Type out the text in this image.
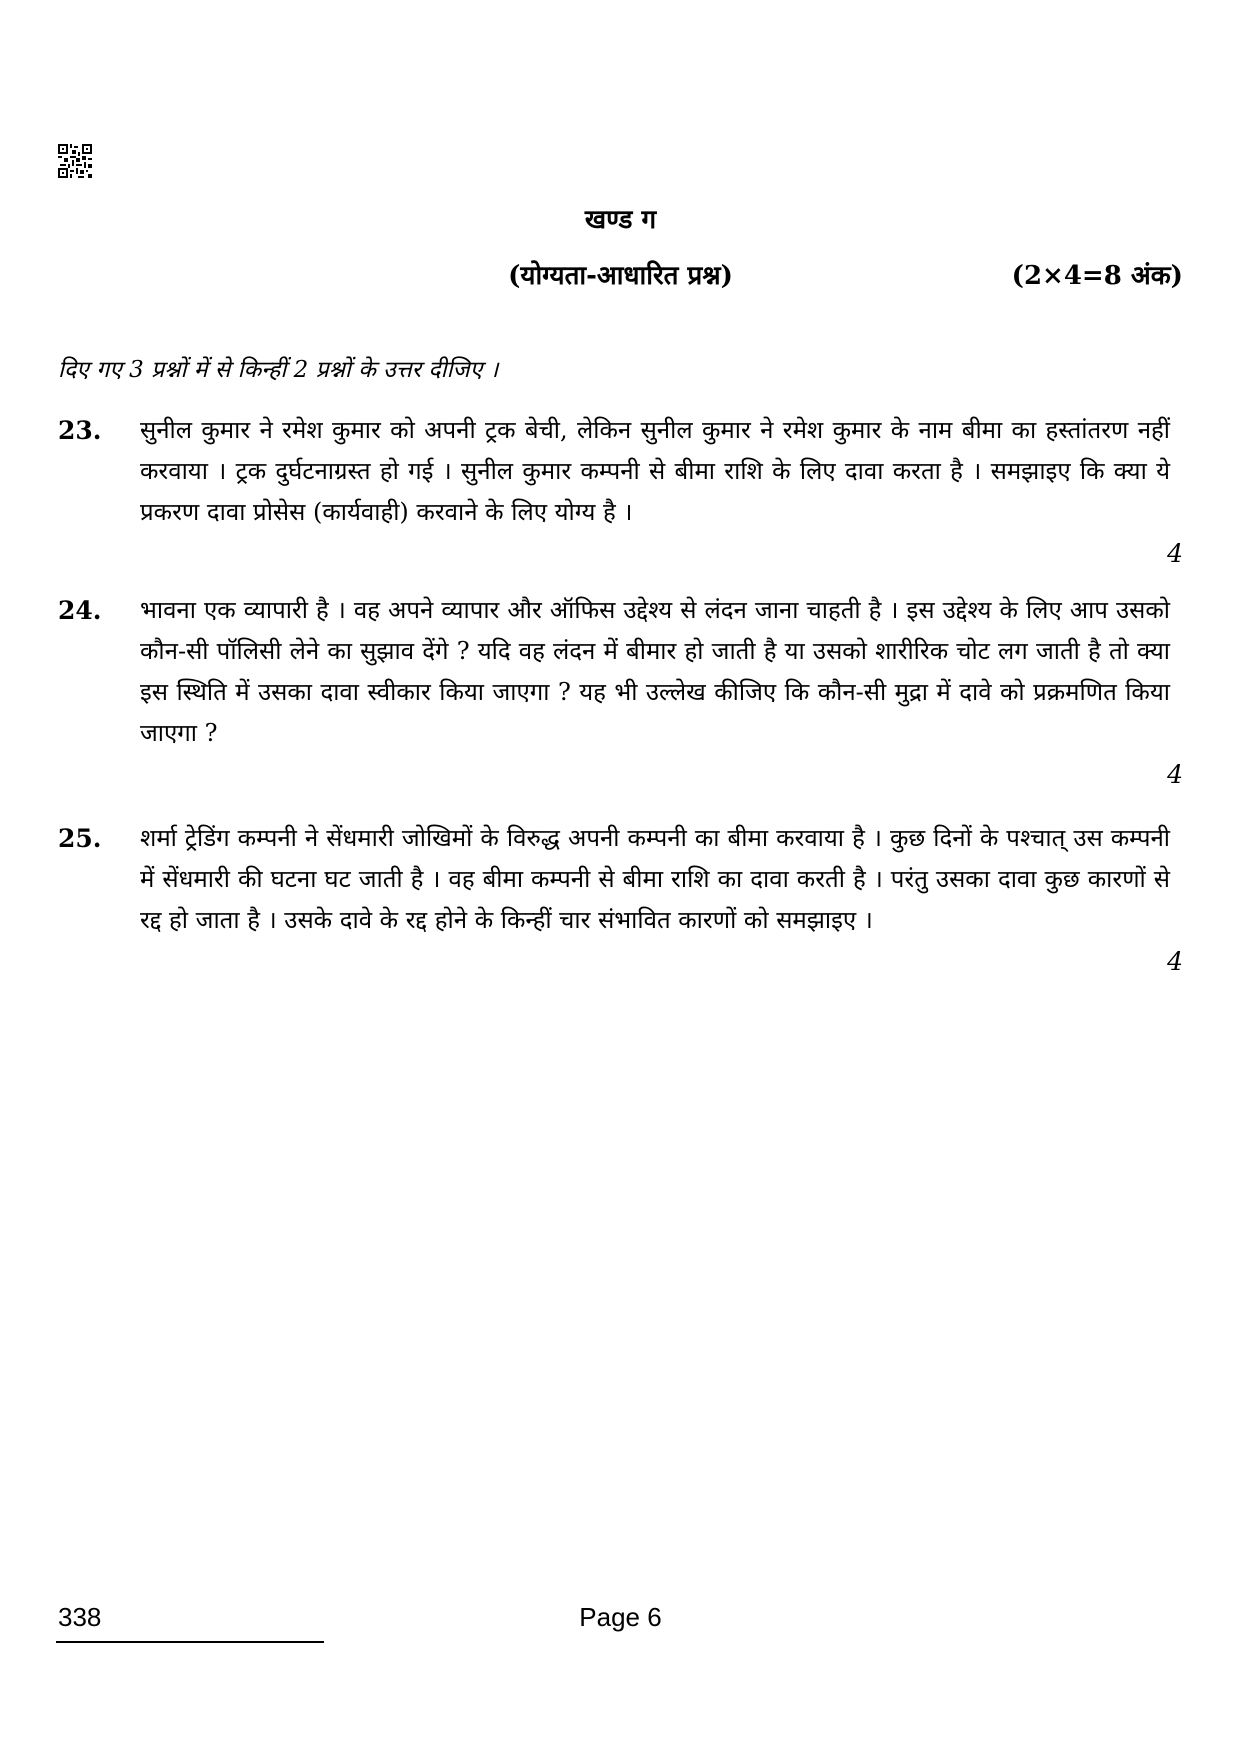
खण्ड ग
(योग्यता-आधारित प्रश्न)	(2×4=8 अंक)
दिए गए 3 प्रश्नों में से किन्हीं 2 प्रश्नों के उत्तर दीजिए ।
23. सुनील कुमार ने रमेश कुमार को अपनी ट्रक बेची, लेकिन सुनील कुमार ने रमेश कुमार के नाम बीमा का हस्तांतरण नहीं करवाया । ट्रक दुर्घटनाग्रस्त हो गई । सुनील कुमार कम्पनी से बीमा राशि के लिए दावा करता है । समझाइए कि क्या ये प्रकरण दावा प्रोसेस (कार्यवाही) करवाने के लिए योग्य है ।

4
24. भावना एक व्यापारी है । वह अपने व्यापार और ऑफिस उद्देश्य से लंदन जाना चाहती है । इस उद्देश्य के लिए आप उसको कौन-सी पॉलिसी लेने का सुझाव देंगे ? यदि वह लंदन में बीमार हो जाती है या उसको शारीरिक चोट लग जाती है तो क्या इस स्थिति में उसका दावा स्वीकार किया जाएगा ? यह भी उल्लेख कीजिए कि कौन-सी मुद्रा में दावे को प्रक्रमणित किया जाएगा ?

4
25. शर्मा ट्रेडिंग कम्पनी ने सेंधमारी जोखिमों के विरुद्ध अपनी कम्पनी का बीमा करवाया है । कुछ दिनों के पश्चात् उस कम्पनी में सेंधमारी की घटना घट जाती है । वह बीमा कम्पनी से बीमा राशि का दावा करती है । परंतु उसका दावा कुछ कारणों से रद्द हो जाता है । उसके दावे के रद्द होने के किन्हीं चार संभावित कारणों को समझाइए ।

4
338	Page 6
